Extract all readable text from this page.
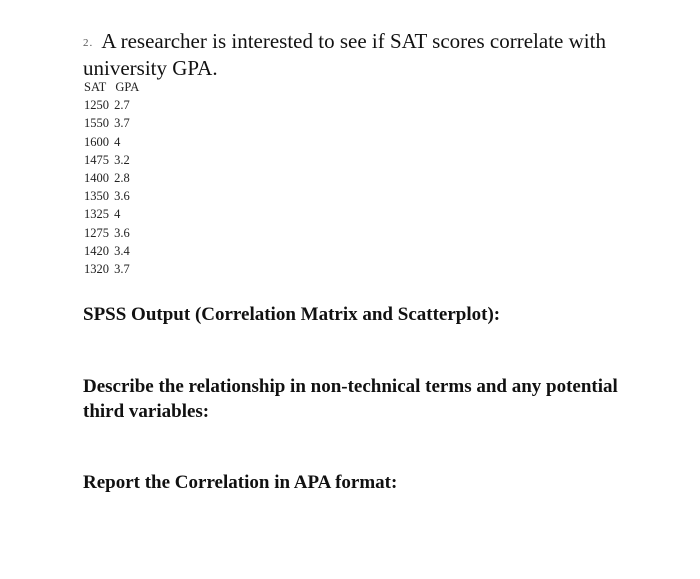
2. A researcher is interested to see if SAT scores correlate with university GPA.
SAT GPA
1250 2.7
1550 3.7
1600 4
1475 3.2
1400 2.8
1350 3.6
1325 4
1275 3.6
1420 3.4
1320 3.7
SPSS Output (Correlation Matrix and Scatterplot):
Describe the relationship in non-technical terms and any potential third variables:
Report the Correlation in APA format:
